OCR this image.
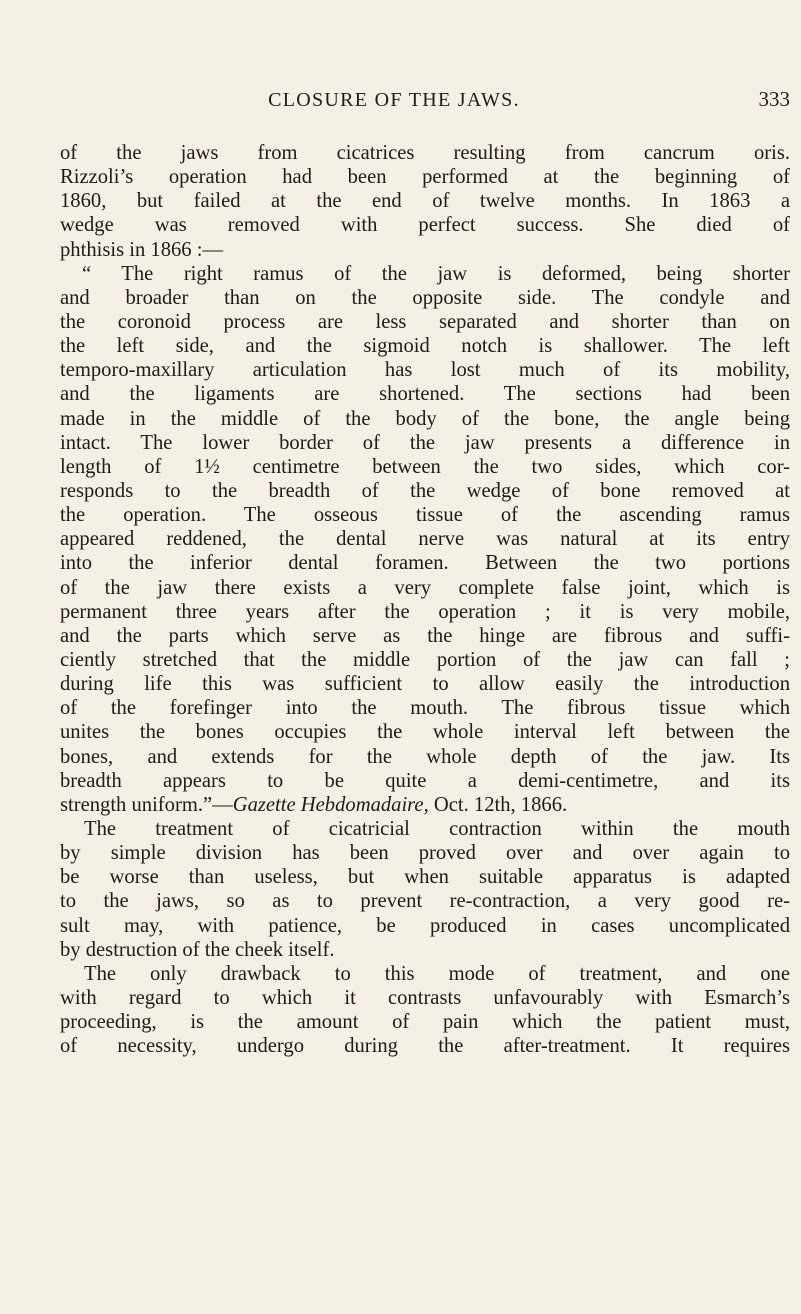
CLOSURE OF THE JAWS.	333
of the jaws from cicatrices resulting from cancrum oris.
Rizzoli’s operation had been performed at the beginning of
1860, but failed at the end of twelve months. In 1863 a
wedge was removed with perfect success. She died of
phthisis in 1866 :—
“ The right ramus of the jaw is deformed, being shorter
and broader than on the opposite side. The condyle and
the coronoid process are less separated and shorter than on
the left side, and the sigmoid notch is shallower. The left
temporo-maxillary articulation has lost much of its mobility,
and the ligaments are shortened. The sections had been
made in the middle of the body of the bone, the angle being
intact. The lower border of the jaw presents a difference in
length of 1½ centimetre between the two sides, which cor-
responds to the breadth of the wedge of bone removed at
the operation. The osseous tissue of the ascending ramus
appeared reddened, the dental nerve was natural at its entry
into the inferior dental foramen. Between the two portions
of the jaw there exists a very complete false joint, which is
permanent three years after the operation ; it is very mobile,
and the parts which serve as the hinge are fibrous and suffi-
ciently stretched that the middle portion of the jaw can fall ;
during life this was sufficient to allow easily the introduction
of the forefinger into the mouth. The fibrous tissue which
unites the bones occupies the whole interval left between the
bones, and extends for the whole depth of the jaw. Its
breadth appears to be quite a demi-centimetre, and its
strength uniform.”—Gazette Hebdomadaire, Oct. 12th, 1866.
The treatment of cicatricial contraction within the mouth
by simple division has been proved over and over again to
be worse than useless, but when suitable apparatus is adapted
to the jaws, so as to prevent re-contraction, a very good re-
sult may, with patience, be produced in cases uncomplicated
by destruction of the cheek itself.
The only drawback to this mode of treatment, and one
with regard to which it contrasts unfavourably with Esmarch’s
proceeding, is the amount of pain which the patient must,
of necessity, undergo during the after-treatment. It requires
